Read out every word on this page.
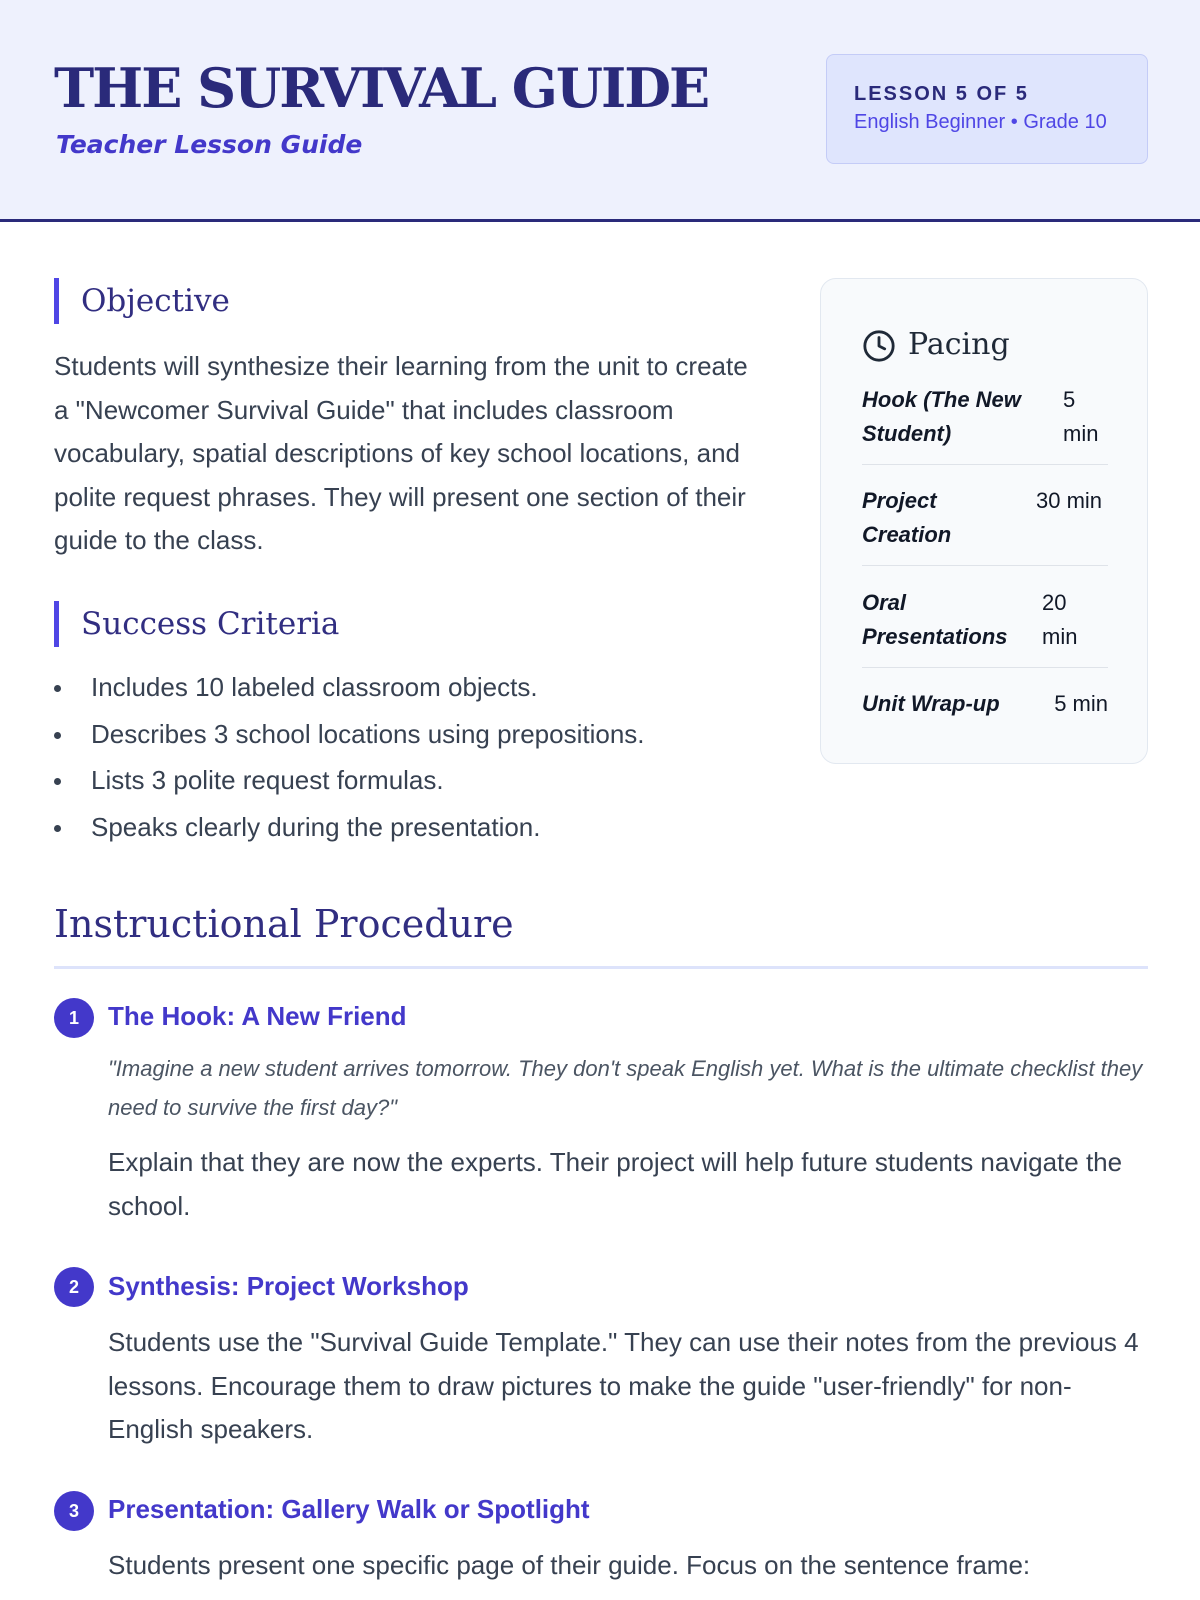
THE SURVIVAL GUIDE
Teacher Lesson Guide
LESSON 5 OF 5
English Beginner • Grade 10
Objective

Students will synthesize their learning from the unit to create a "Newcomer Survival Guide" that includes classroom vocabulary, spatial descriptions of key school locations, and polite request phrases. They will present one section of their guide to the class.

Success Criteria
Includes 10 labeled classroom objects.
Describes 3 school locations using prepositions.
Lists 3 polite request formulas.
Speaks clearly during the presentation.
Pacing
Hook (The New Student)
5 min
Project Creation
30 min
Oral Presentations
20 min
Unit Wrap-up 5 min
Instructional Procedure
1	The Hook: A New Friend

"Imagine a new student arrives tomorrow. They don't speak English yet. What is the ultimate checklist they need to survive the first day?"

Explain that they are now the experts. Their project will help future students navigate the school.

2	Synthesis: Project Workshop

Students use the "Survival Guide Template." They can use their notes from the previous 4 lessons. Encourage them to draw pictures to make the guide "user-friendly" for non-English speakers.

3	Presentation: Gallery Walk or Spotlight

Students present one specific page of their guide. Focus on the sentence frame:
